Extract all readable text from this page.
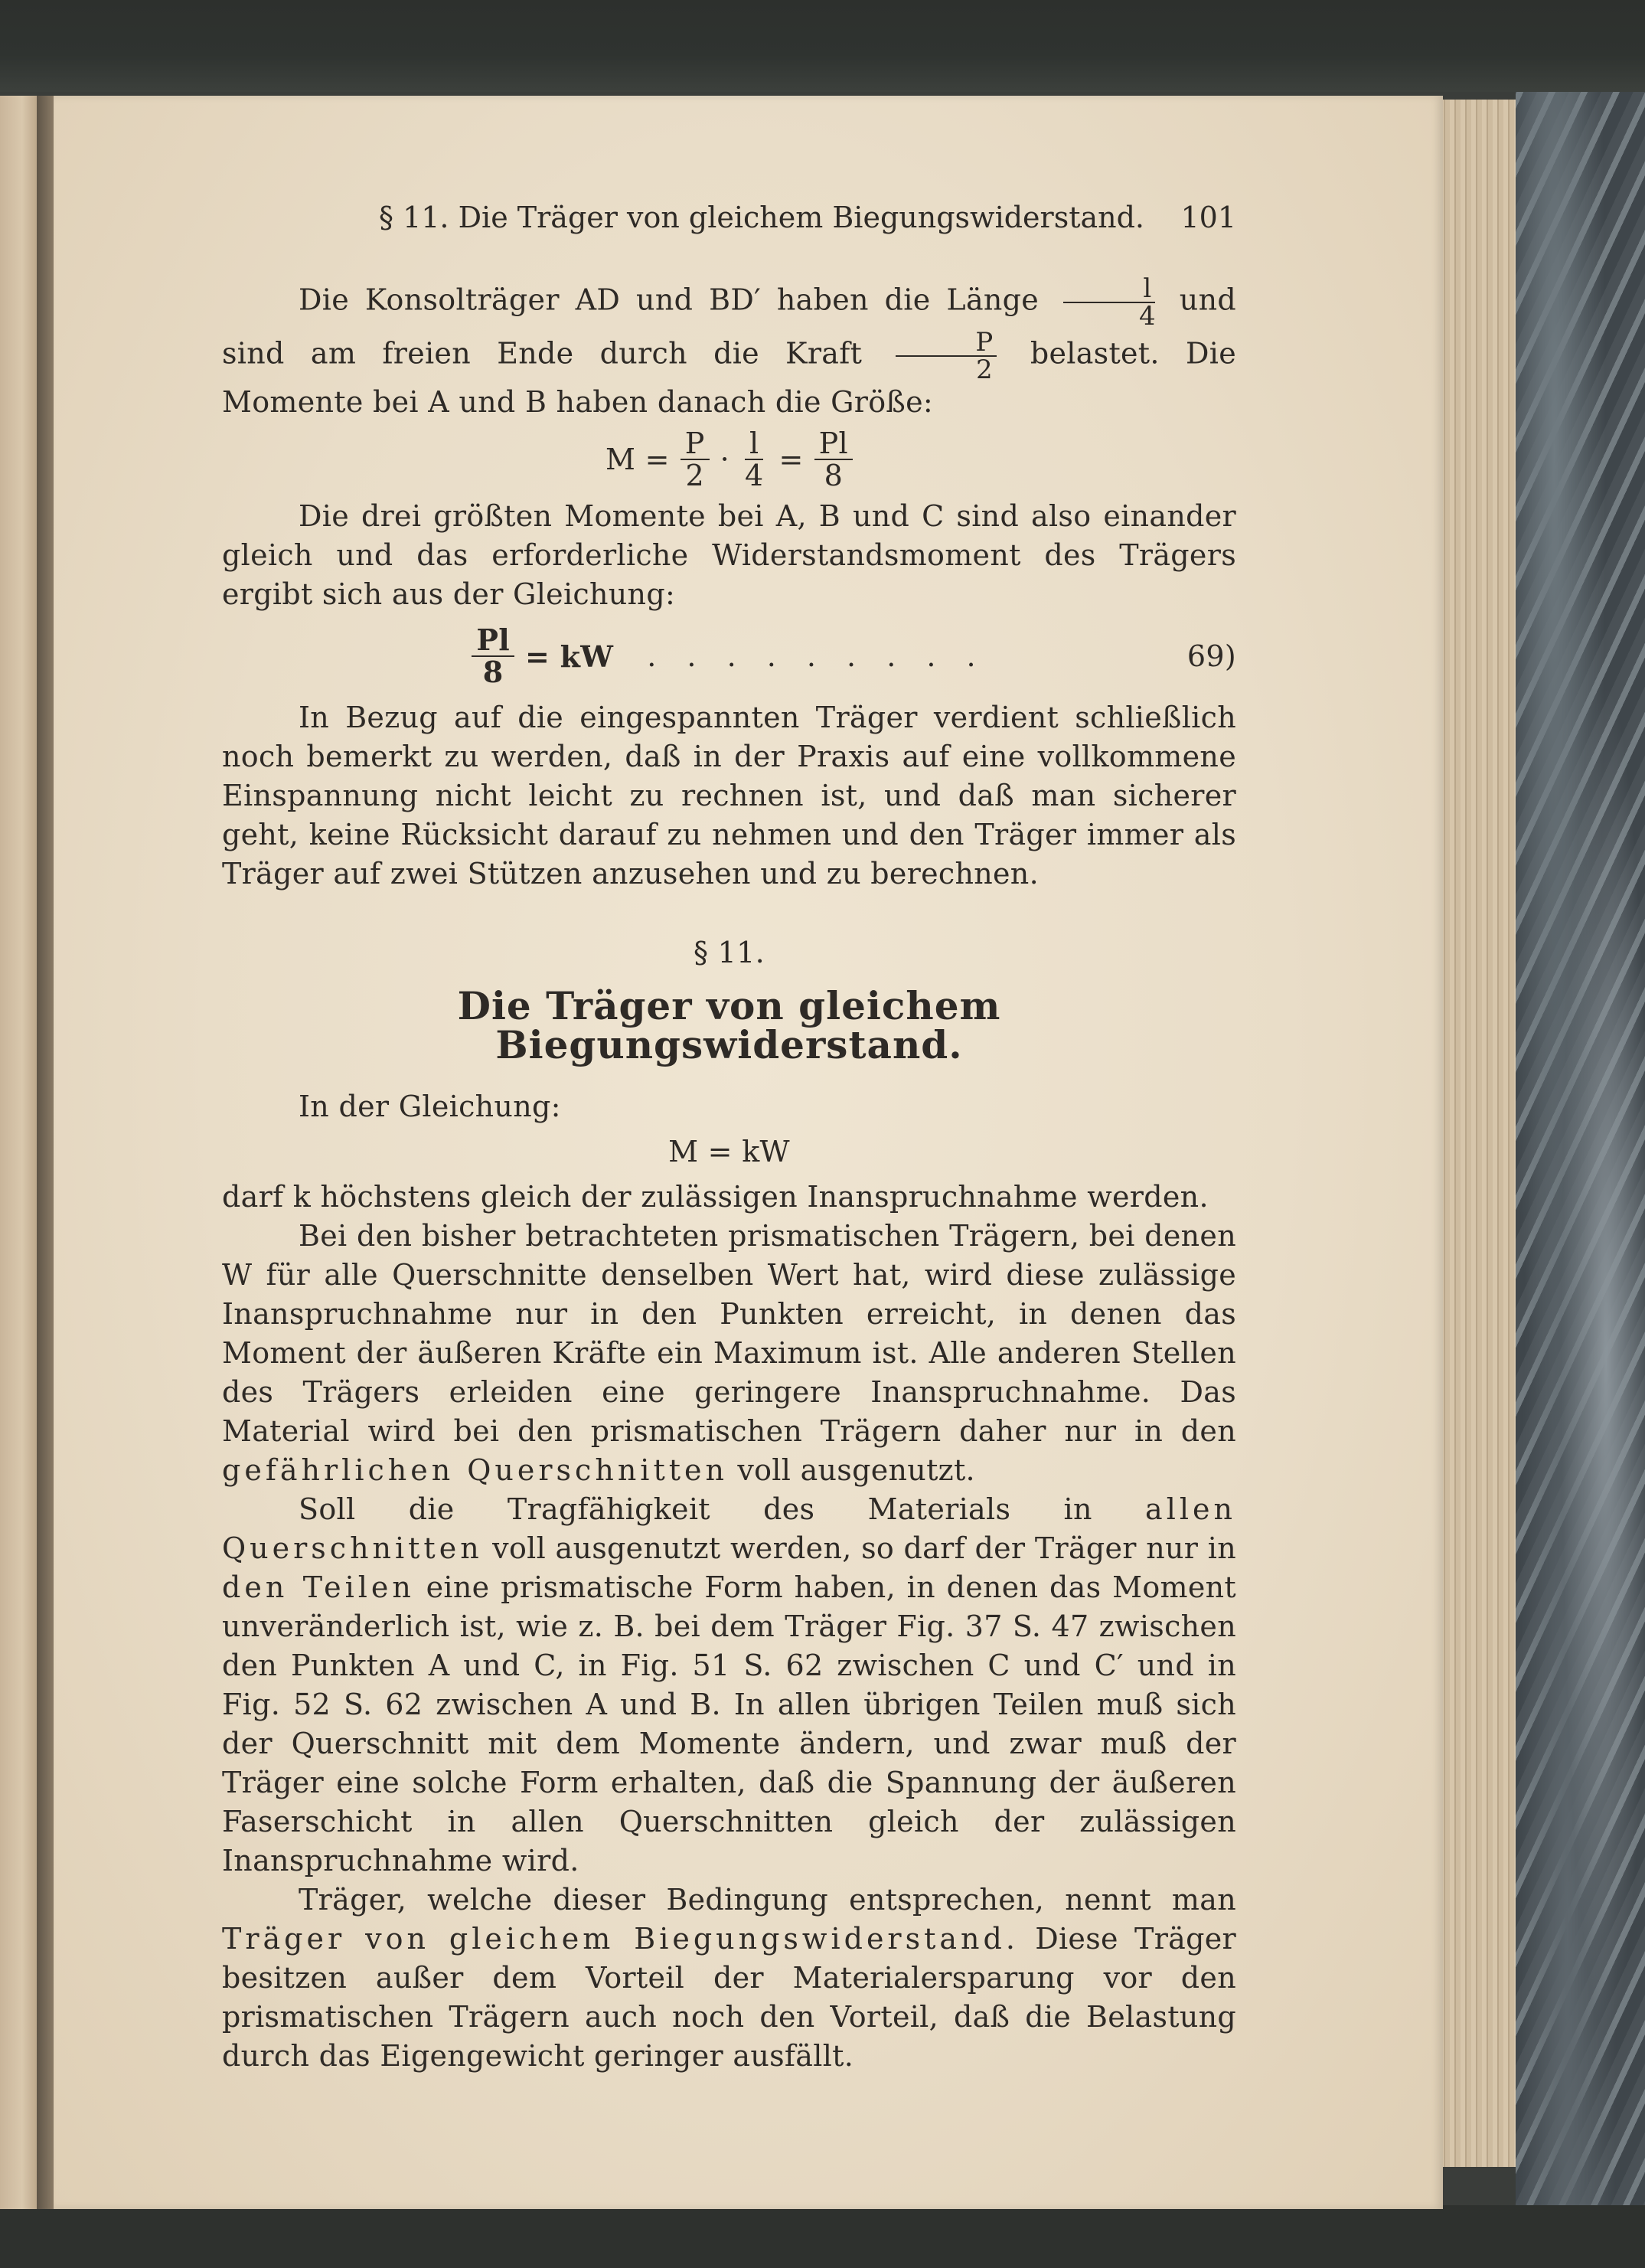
§ 11. Die Träger von gleichem Biegungswiderstand. 101

Die Konsolträger AD und BD′ haben die Länge $\frac{l}{4}$ und sind am freien Ende durch die Kraft $\frac{P}{2}$ belastet. Die Momente bei A und B haben danach die Größe:

$M = \frac{P}{2} \cdot \frac{l}{4} = \frac{Pl}{8}$

Die drei größten Momente bei A, B und C sind also einander gleich und das erforderliche Widerstandsmoment des Trägers ergibt sich aus der Gleichung:

$\frac{Pl}{8}$ = kW . . . . . . . . .	69)

In Bezug auf die eingespannten Träger verdient schließlich noch bemerkt zu werden, daß in der Praxis auf eine vollkommene Einspannung nicht leicht zu rechnen ist, und daß man sicherer geht, keine Rücksicht darauf zu nehmen und den Träger immer als Träger auf zwei Stützen anzusehen und zu berechnen.

§ 11.
Die Träger von gleichem Biegungswiderstand.

In der Gleichung:

M = kW

darf k höchstens gleich der zulässigen Inanspruchnahme werden.

Bei den bisher betrachteten prismatischen Trägern, bei denen W für alle Querschnitte denselben Wert hat, wird diese zulässige Inanspruchnahme nur in den Punkten erreicht, in denen das Moment der äußeren Kräfte ein Maximum ist. Alle anderen Stellen des Trägers erleiden eine geringere Inanspruchnahme. Das Material wird bei den prismatischen Trägern daher nur in den gefährlichen Querschnitten voll ausgenutzt.

Soll die Tragfähigkeit des Materials in allen Querschnitten voll ausgenutzt werden, so darf der Träger nur in den Teilen eine prismatische Form haben, in denen das Moment unveränderlich ist, wie z. B. bei dem Träger Fig. 37 S. 47 zwischen den Punkten A und C, in Fig. 51 S. 62 zwischen C und C′ und in Fig. 52 S. 62 zwischen A und B. In allen übrigen Teilen muß sich der Querschnitt mit dem Momente ändern, und zwar muß der Träger eine solche Form erhalten, daß die Spannung der äußeren Faserschicht in allen Querschnitten gleich der zulässigen Inanspruchnahme wird.

Träger, welche dieser Bedingung entsprechen, nennt man Träger von gleichem Biegungswiderstand. Diese Träger besitzen außer dem Vorteil der Materialersparung vor den prismatischen Trägern auch noch den Vorteil, daß die Belastung durch das Eigengewicht geringer ausfällt.
